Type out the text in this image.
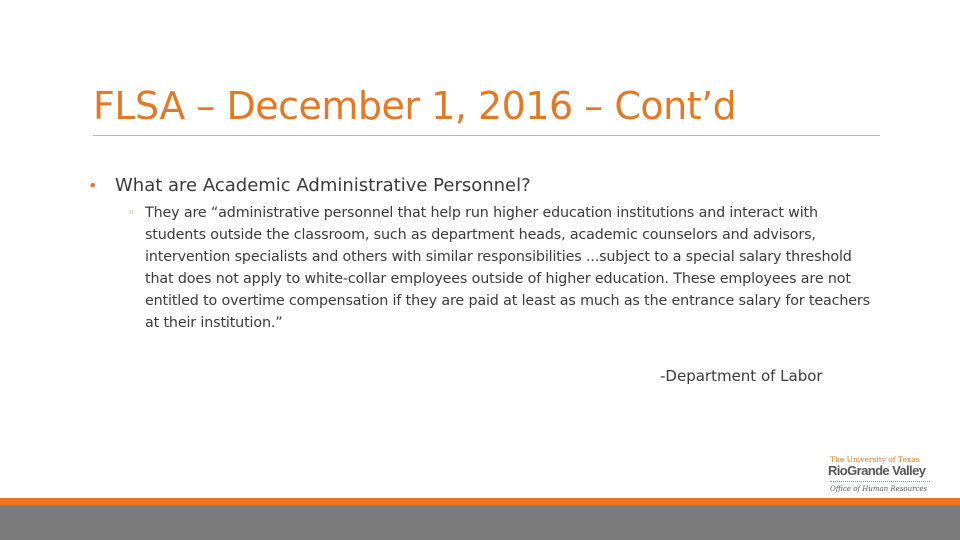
FLSA – December 1, 2016 – Cont’d
• What are Academic Administrative Personnel?
◦ They are “administrative personnel that help run higher education institutions and interact with students outside the classroom, such as department heads, academic counselors and advisors, intervention specialists and others with similar responsibilities ...subject to a special salary threshold that does not apply to white-collar employees outside of higher education. These employees are not entitled to overtime compensation if they are paid at least as much as the entrance salary for teachers at their institution.”
-Department of Labor
The University of Texas
RioGrande Valley
Office of Human Resources
